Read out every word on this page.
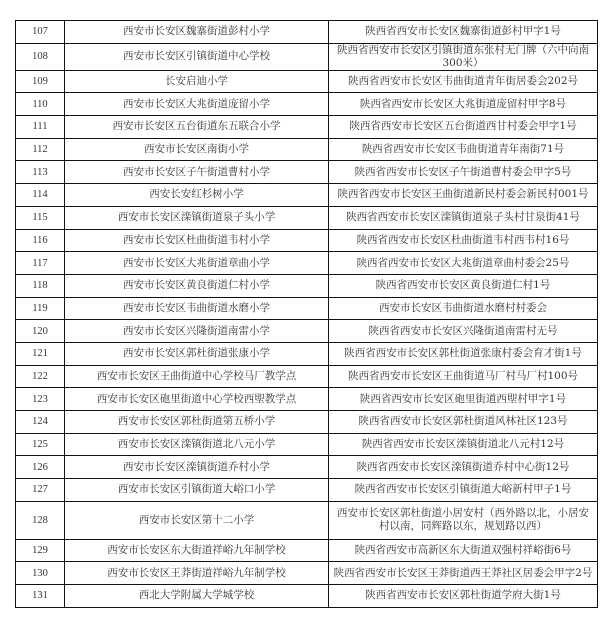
107	西安市长安区魏寨街道彭村小学	陕西省西安市长安区魏寨街道彭村甲字1号
108	西安市长安区引镇街道中心学校	陕西省西安市长安区引镇街道东张村无门牌（六中向南300米）
109	长安启迪小学	陕西省西安市长安区韦曲街道青年街居委会202号
110	西安市长安区大兆街道庞留小学	陕西省西安市长安区大兆街道庞留村甲字8号
111	西安市长安区五台街道东五联合小学	陕西省西安市长安区五台街道西甘村委会甲字1号
112	西安市长安区南街小学	陕西省西安市长安区韦曲街道青年南街71号
113	西安市长安区子午街道曹村小学	陕西省西安市长安区子午街道曹村委会甲字5号
114	西安长安红杉树小学	陕西省西安市长安区王曲街道新民村委会新民村001号
115	西安市长安区滦镇街道泉子头小学	陕西省西安市长安区滦镇街道泉子头村甘泉街41号
116	西安市长安区杜曲街道韦村小学	陕西省西安市长安区杜曲街道韦村西韦村16号
117	西安市长安区大兆街道章曲小学	陕西省西安市长安区大兆街道章曲村委会25号
118	西安市长安区黄良街道仁村小学	陕西省西安市长安区黄良街道仁村1号
119	西安市长安区韦曲街道水磨小学	西安市长安区韦曲街道水磨村村委会
120	西安市长安区兴隆街道南雷小学	陕西省西安市长安区兴隆街道南雷村无号
121	西安市长安区郭杜街道张康小学	陕西省西安市长安区郭杜街道张康村委会育才街1号
122	西安市长安区王曲街道中心学校马厂教学点	陕西省西安市长安区王曲街道马厂村马厂村100号
123	西安市长安区砲里街道中心学校西堲教学点	陕西省西安市长安区砲里街道西堲村甲字1号
124	西安市长安区郭杜街道第五桥小学	陕西省西安市长安区郭杜街道风林社区123号
125	西安市长安区滦镇街道北八元小学	陕西省西安市长安区滦镇街道北八元村12号
126	西安市长安区滦镇街道乔村小学	陕西省西安市长安区滦镇街道乔村中心街12号
127	西安市长安区引镇街道大峪口小学	陕西省西安市长安区引镇街道大峪新村甲子1号
128	西安市长安区第十二小学	西安市长安区郭杜街道小居安村（西外路以北，小居安村以南，同辉路以东，规划路以西）
129	西安市长安区东大街道祥峪九年制学校	陕西省西安市高新区东大街道双强村祥峪街6号
130	西安市长安区王莽街道祥峪九年制学校	陕西省西安市长安区王莽街道西王莽社区居委会甲字2号
131	西北大学附属大学城学校	陕西省西安市长安区郭杜街道学府大街1号
